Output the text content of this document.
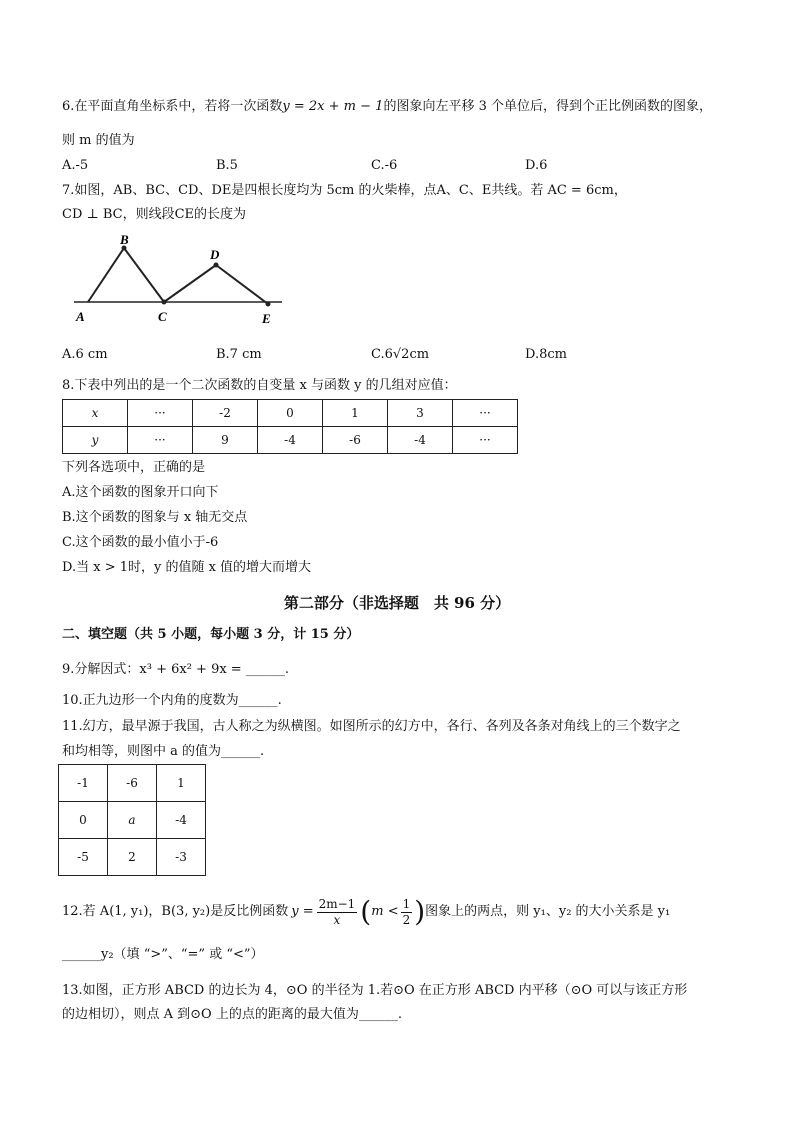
6.在平面直角坐标系中，若将一次函数y = 2x + m − 1的图象向左平移 3 个单位后，得到个正比例函数的图象，
则 m 的值为
A.-5	B.5	C.-6	D.6
7.如图，AB、BC、CD、DE是四根长度均为 5cm 的火柴棒，点A、C、E共线。若 AC = 6cm，
CD ⊥ BC，则线段CE的长度为
A
B
C
D
E
A.6 cm	B.7 cm	C.6√2cm	D.8cm
8.下表中列出的是一个二次函数的自变量 x 与函数 y 的几组对应值：
x	···	-2	0	1	3	···
y	···	9	-4	-6	-4	···
下列各选项中，正确的是
A.这个函数的图象开口向下
B.这个函数的图象与 x 轴无交点
C.这个函数的最小值小于-6
D.当 x > 1时，y 的值随 x 值的增大而增大
第二部分（非选择题　共 96 分）
二、填空题（共 5 小题，每小题 3 分，计 15 分）
9.分解因式：x³ + 6x² + 9x = ______.
10.正九边形一个内角的度数为______.
11.幻方，最早源于我国，古人称之为纵横图。如图所示的幻方中，各行、各列及各条对角线上的三个数字之
和均相等，则图中 a 的值为______.
-1	-6	1
0	a	-4
-5	2	-3
12.若 A(1, y₁)，B(3, y₂)是反比例函数 $y = \frac{2m-1}{x}$ ( $m < \frac{1}{2}$ ) 图象上的两点，则 y₁、y₂ 的大小关系是 y₁
______y₂（填 “>”、“=” 或 “<”）
13.如图，正方形 ABCD 的边长为 4，⊙O 的半径为 1.若⊙O 在正方形 ABCD 内平移（⊙O 可以与该正方形
的边相切），则点 A 到⊙O 上的点的距离的最大值为______.
